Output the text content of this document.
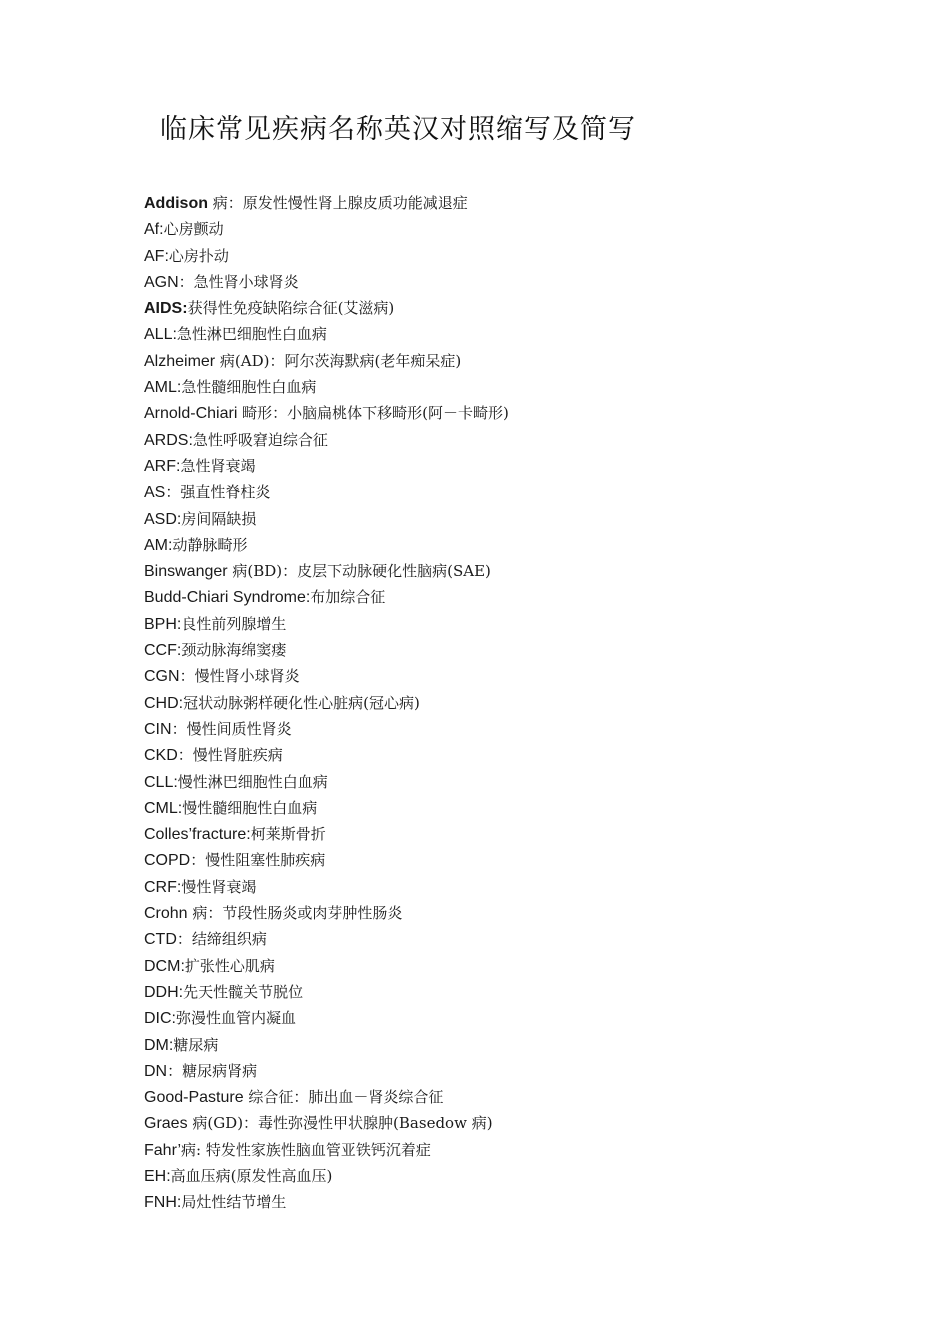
临床常见疾病名称英汉对照缩写及简写
Addison 病：原发性慢性肾上腺皮质功能减退症
Af:心房颤动
AF:心房扑动
AGN：急性肾小球肾炎
AIDS:获得性免疫缺陷综合征(艾滋病)
ALL:急性淋巴细胞性白血病
Alzheimer 病(AD)：阿尔茨海默病(老年痴呆症)
AML:急性髓细胞性白血病
Arnold-Chiari 畸形：小脑扁桃体下移畸形(阿－卡畸形)
ARDS:急性呼吸窘迫综合征
ARF:急性肾衰竭
AS：强直性脊柱炎
ASD:房间隔缺损
AM:动静脉畸形
Binswanger 病(BD)：皮层下动脉硬化性脑病(SAE)
Budd-Chiari Syndrome:布加综合征
BPH:良性前列腺增生
CCF:颈动脉海绵窦瘘
CGN：慢性肾小球肾炎
CHD:冠状动脉粥样硬化性心脏病(冠心病)
CIN：慢性间质性肾炎
CKD：慢性肾脏疾病
CLL:慢性淋巴细胞性白血病
CML:慢性髓细胞性白血病
Colles’fracture:柯莱斯骨折
COPD：慢性阻塞性肺疾病
CRF:慢性肾衰竭
Crohn 病：节段性肠炎或肉芽肿性肠炎
CTD：结缔组织病
DCM:扩张性心肌病
DDH:先天性髋关节脱位
DIC:弥漫性血管内凝血
DM:糖尿病
DN：糖尿病肾病
Good-Pasture 综合征：肺出血－肾炎综合征
Graes 病(GD)：毒性弥漫性甲状腺肿(Basedow 病)
Fahr’病: 特发性家族性脑血管亚铁钙沉着症
EH:高血压病(原发性高血压)
FNH:局灶性结节增生
